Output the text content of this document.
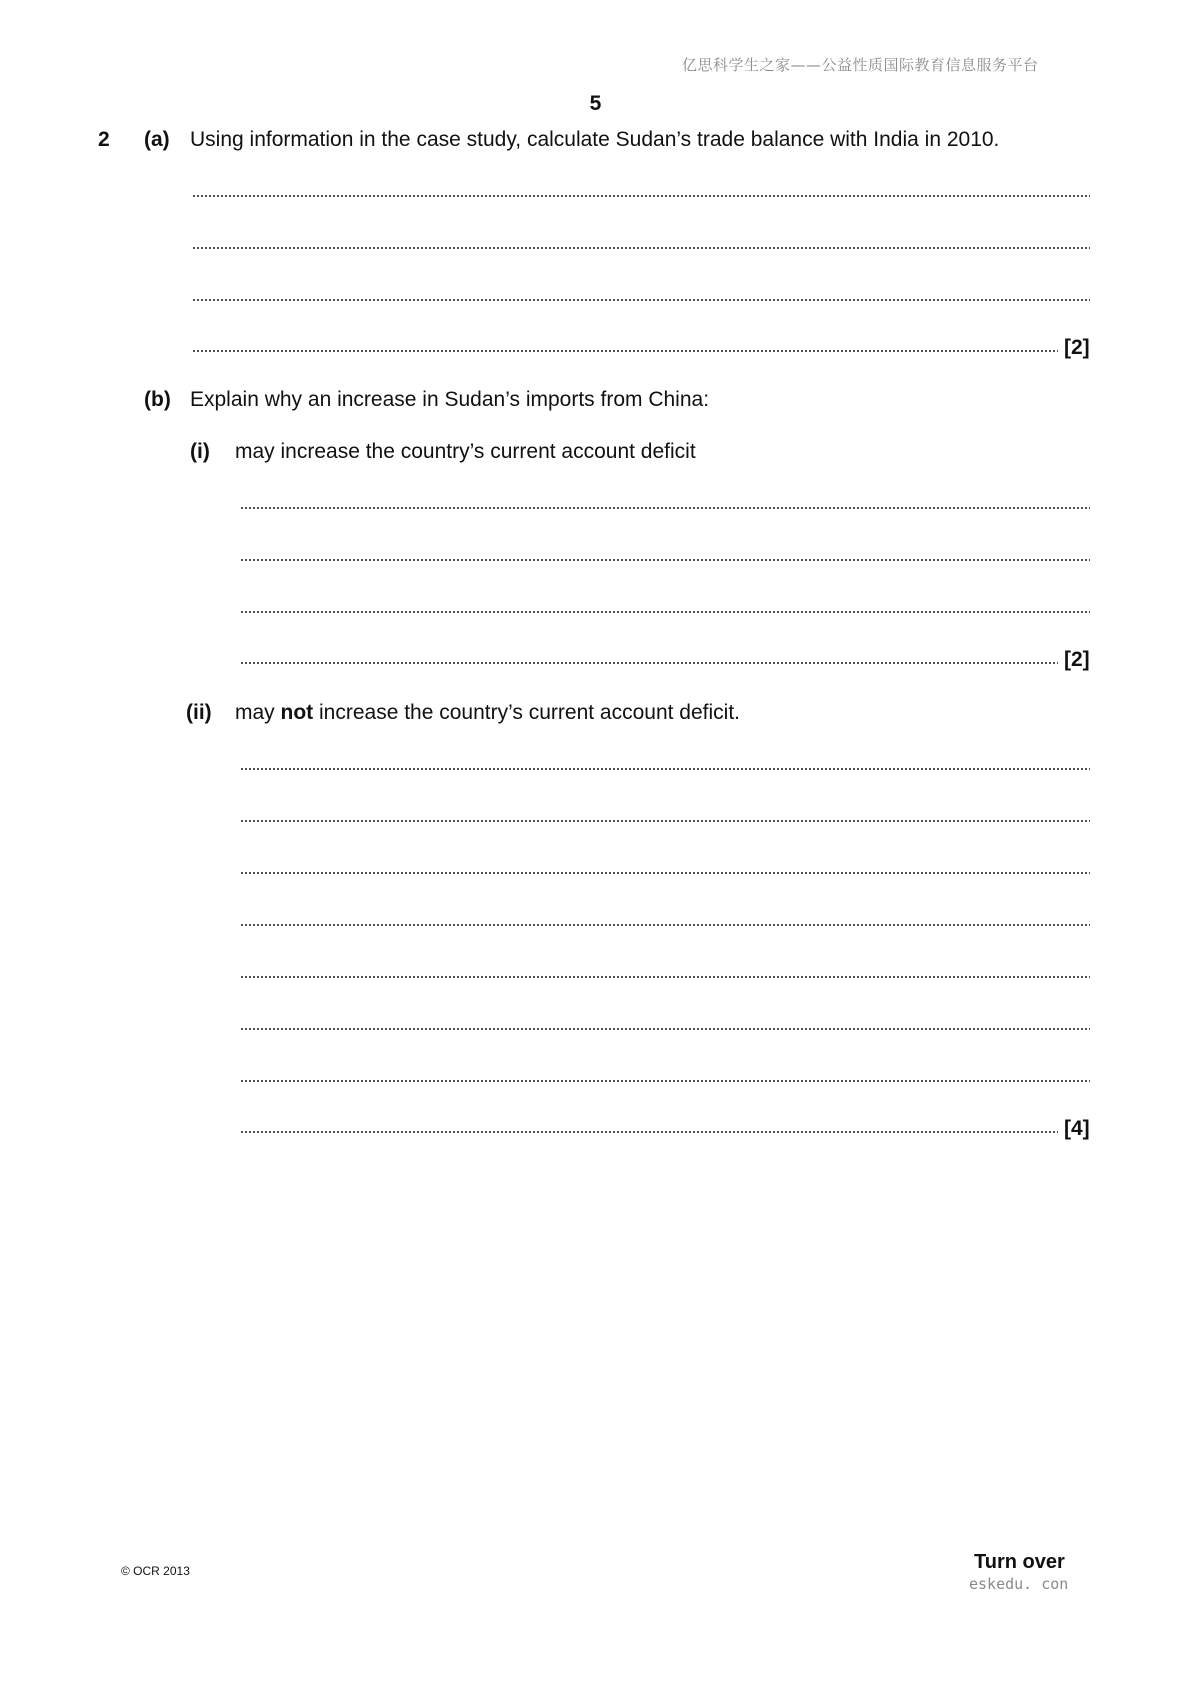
亿思科学生之家——公益性质国际教育信息服务平台
5
2 (a) Using information in the case study, calculate Sudan’s trade balance with India in 2010.
[2]
(b) Explain why an increase in Sudan’s imports from China:
(i) may increase the country’s current account deficit
[2]
(ii) may not increase the country’s current account deficit.
[4]
© OCR 2013	Turn over
eskedu. con
